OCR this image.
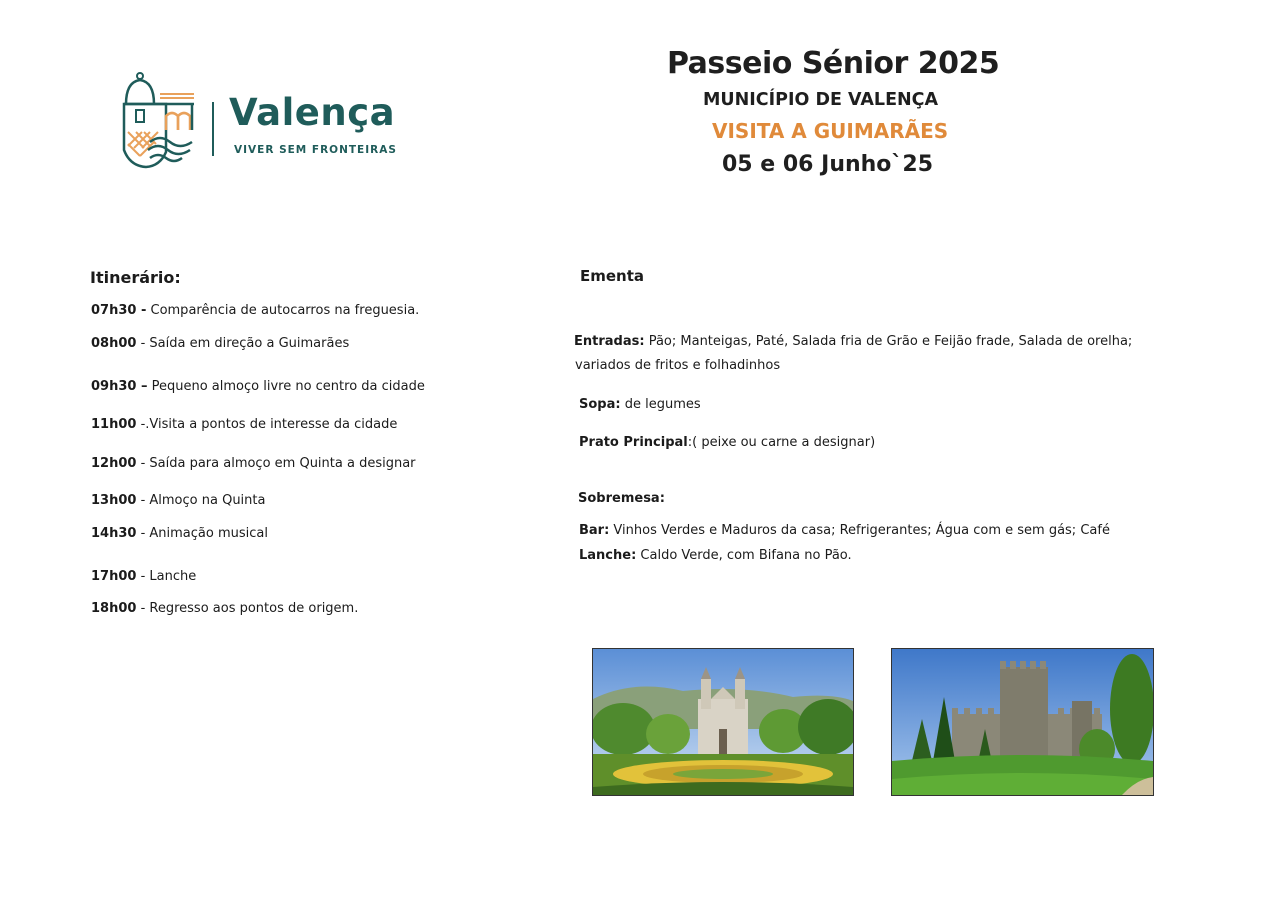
Valença
VIVER SEM FRONTEIRAS
Passeio Sénior 2025
MUNICÍPIO DE VALENÇA
VISITA A GUIMARÃES
05 e 06 Junho`25
Itinerário:
07h30 - Comparência de autocarros na freguesia.
08h00 - Saída em direção a Guimarães
09h30 – Pequeno almoço livre no centro da cidade
11h00 -.Visita a pontos de interesse da cidade
12h00 - Saída para almoço em Quinta a designar
13h00 - Almoço na Quinta
14h30 - Animação musical
17h00 - Lanche
18h00 - Regresso aos pontos de origem.
Ementa
Entradas: Pão; Manteigas, Paté, Salada fria de Grão e Feijão frade, Salada de orelha;
variados de fritos e folhadinhos
Sopa: de legumes
Prato Principal:( peixe ou carne a designar)
Sobremesa:
Bar: Vinhos Verdes e Maduros da casa; Refrigerantes; Água com e sem gás; Café
Lanche: Caldo Verde, com Bifana no Pão.
